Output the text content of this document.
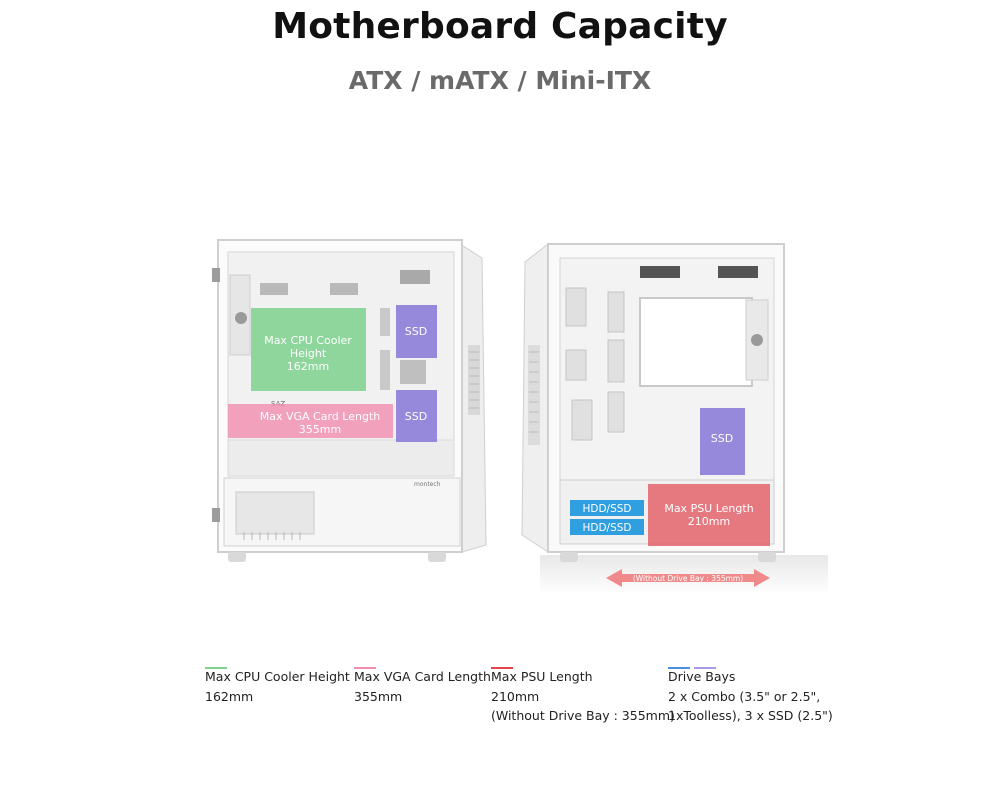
Motherboard Capacity
ATX / mATX / Mini-ITX
montech
Max CPU Cooler
Height
162mm
Max VGA Card Length
355mm
SSD
SSD
SSD
HDD/SSD
HDD/SSD
Max PSU Length
210mm
(Without Drive Bay : 355mm)
Max CPU Cooler Height
162mm
Max VGA Card Length
355mm
Max PSU Length
210mm
(Without Drive Bay : 355mm)
Drive Bays
2 x Combo (3.5" or 2.5",
1xToolless), 3 x SSD (2.5")
